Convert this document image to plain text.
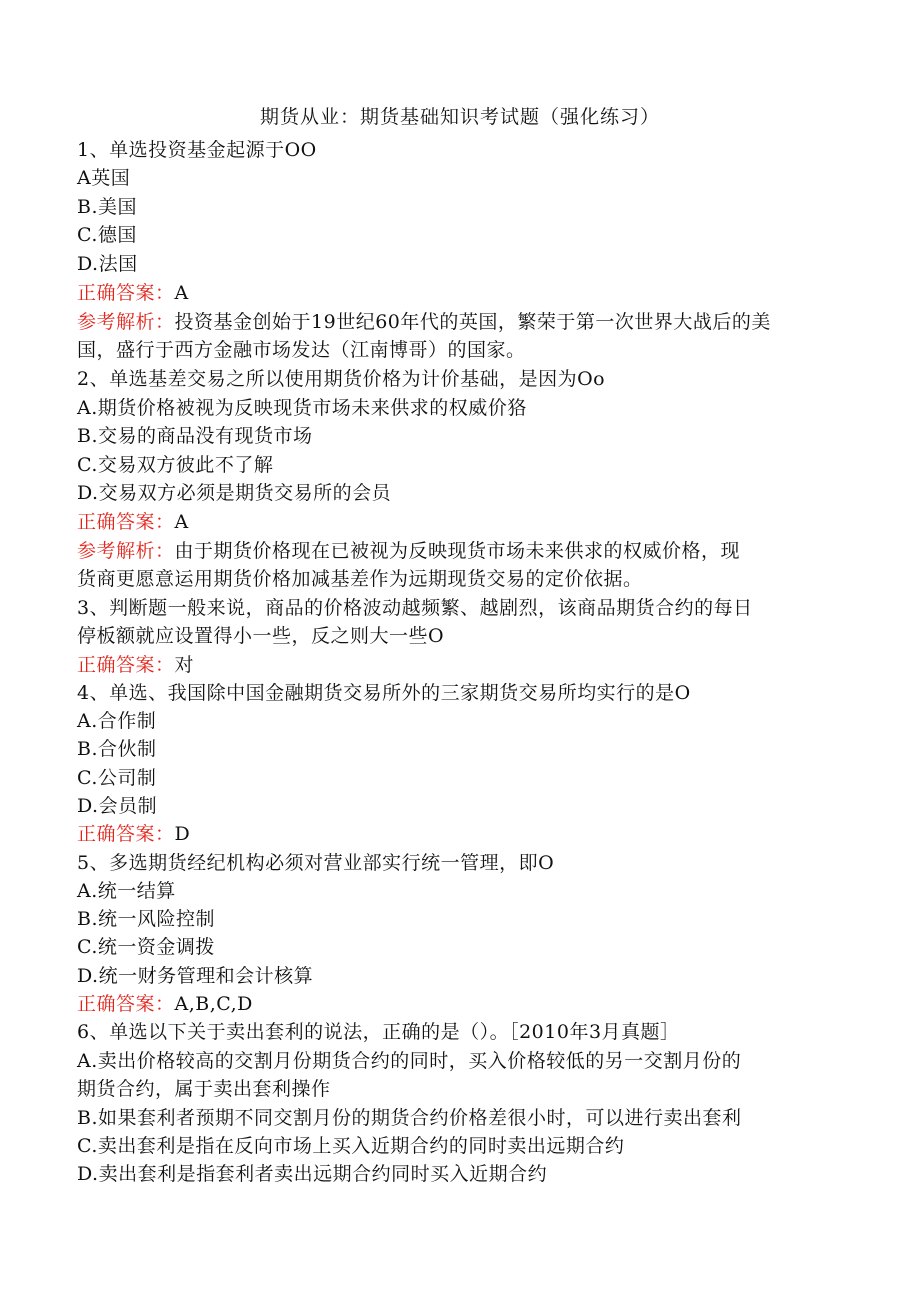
期货从业：期货基础知识考试题（强化练习）
1、单选投资基金起源于OO
A英国
B.美国
C.德国
D.法国
正确答案：A
参考解析：投资基金创始于19世纪60年代的英国，繁荣于第一次世界大战后的美
国，盛行于西方金融市场发达（江南博哥）的国家。
2、单选基差交易之所以使用期货价格为计价基础，是因为Oo
A.期货价格被视为反映现货市场未来供求的权威价狢
B.交易的商品没有现货市场
C.交易双方彼此不了解
D.交易双方必须是期货交易所的会员
正确答案：A
参考解析：由于期货价格现在已被视为反映现货市场未来供求的权威价格，现
货商更愿意运用期货价格加减基差作为远期现货交易的定价依据。
3、判断题一般来说，商品的价格波动越频繁、越剧烈，该商品期货合约的每日
停板额就应设置得小一些，反之则大一些O
正确答案：对
4、单选、我国除中国金融期货交易所外的三家期货交易所均实行的是O
A.合作制
B.合伙制
C.公司制
D.会员制
正确答案：D
5、多选期货经纪机构必须对营业部实行统一管理，即O
A.统一结算
B.统一风险控制
C.统一资金调拨
D.统一财务管理和会计核算
正确答案：A,B,C,D
6、单选以下关于卖出套利的说法，正确的是（）。［2010年3月真题］
A.卖出价格较高的交割月份期货合约的同时，买入价格较低的另一交割月份的
期货合约，属于卖出套利操作
B.如果套利者预期不同交割月份的期货合约价格差很小时，可以进行卖出套利
C.卖出套利是指在反向市场上买入近期合约的同时卖出远期合约
D.卖出套利是指套利者卖出远期合约同时买入近期合约
